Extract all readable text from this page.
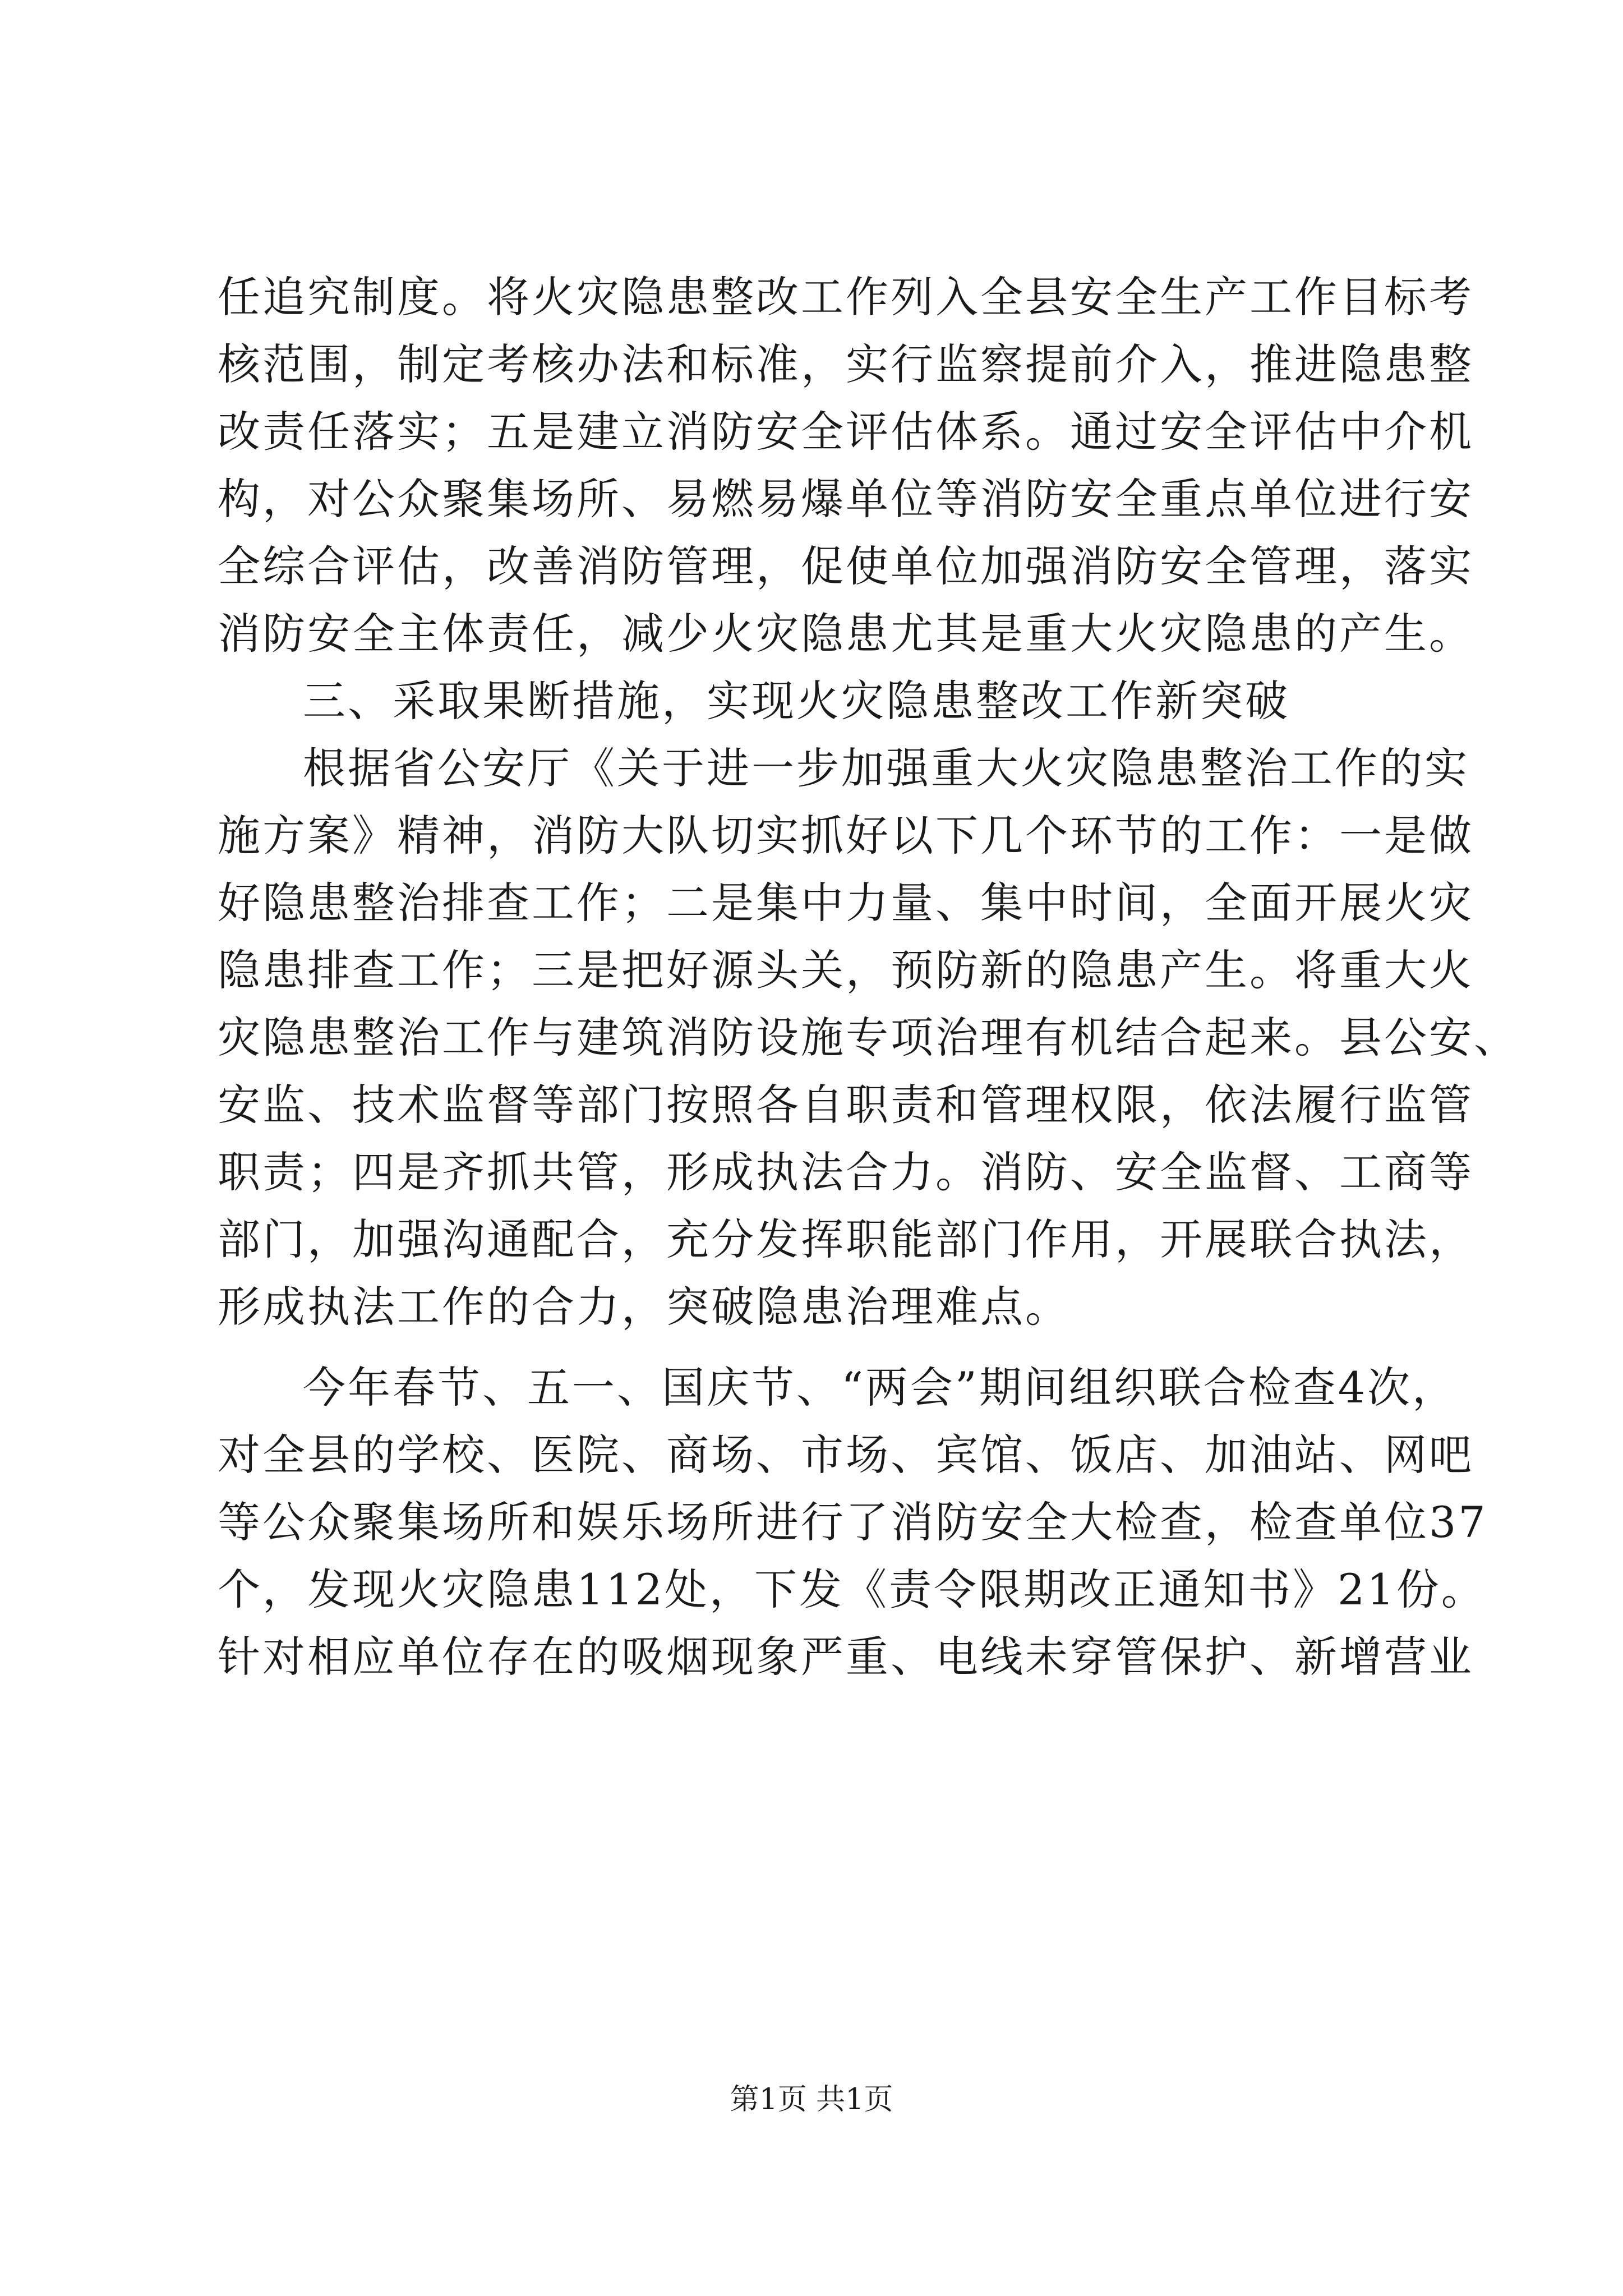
任追究制度。将火灾隐患整改工作列入全县安全生产工作目标考
核范围，制定考核办法和标准，实行监察提前介入，推进隐患整
改责任落实；五是建立消防安全评估体系。通过安全评估中介机
构，对公众聚集场所、易燃易爆单位等消防安全重点单位进行安
全综合评估，改善消防管理，促使单位加强消防安全管理，落实
消防安全主体责任，减少火灾隐患尤其是重大火灾隐患的产生。
三、采取果断措施，实现火灾隐患整改工作新突破
根据省公安厅《关于进一步加强重大火灾隐患整治工作的实
施方案》精神，消防大队切实抓好以下几个环节的工作：一是做
好隐患整治排查工作；二是集中力量、集中时间，全面开展火灾
隐患排查工作；三是把好源头关，预防新的隐患产生。将重大火
灾隐患整治工作与建筑消防设施专项治理有机结合起来。县公安、
安监、技术监督等部门按照各自职责和管理权限，依法履行监管
职责；四是齐抓共管，形成执法合力。消防、安全监督、工商等
部门，加强沟通配合，充分发挥职能部门作用，开展联合执法，
形成执法工作的合力，突破隐患治理难点。
今年春节、五一、国庆节、“两会”期间组织联合检查4次，
对全县的学校、医院、商场、市场、宾馆、饭店、加油站、网吧
等公众聚集场所和娱乐场所进行了消防安全大检查，检查单位37
个，发现火灾隐患112处，下发《责令限期改正通知书》21份。
针对相应单位存在的吸烟现象严重、电线未穿管保护、新增营业
第1页 共1页
